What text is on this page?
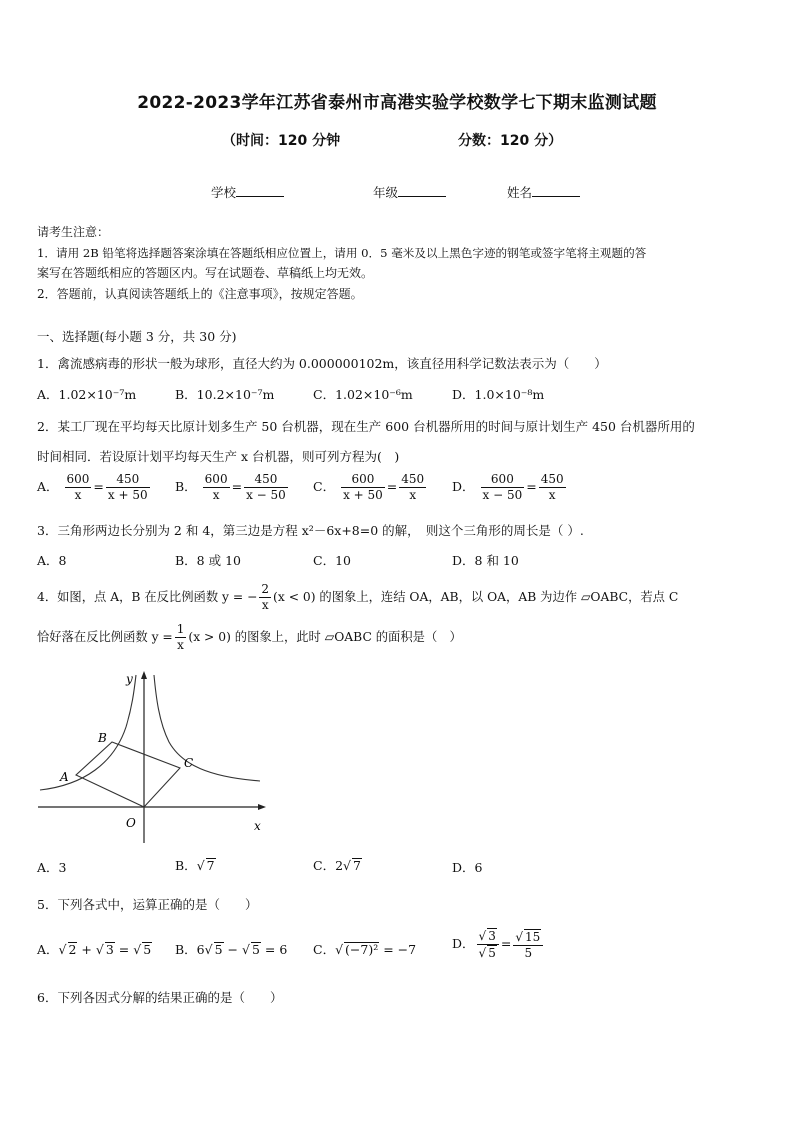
2022-2023学年江苏省泰州市高港实验学校数学七下期末监测试题
（时间：120 分钟	分数：120 分）
学校	年级	姓名
请考生注意：
1．请用 2B 铅笔将选择题答案涂填在答题纸相应位置上，请用 0．5 毫米及以上黑色字迹的钢笔或签字笔将主观题的答
案写在答题纸相应的答题区内。写在试题卷、草稿纸上均无效。
2．答题前，认真阅读答题纸上的《注意事项》，按规定答题。
一、选择题(每小题 3 分，共 30 分)
1．禽流感病毒的形状一般为球形，直径大约为 0.000000102m，该直径用科学记数法表示为（　　）
A．1.02×10⁻⁷m	B．10.2×10⁻⁷m	C．1.02×10⁻⁶m	D．1.0×10⁻⁸m
2．某工厂现在平均每天比原计划多生产 50 台机器，现在生产 600 台机器所用的时间与原计划生产 450 台机器所用的
时间相同．若设原计划平均每天生产 x 台机器，则可列方程为(　)
A． $\frac{600}{x} = \frac{450}{x + 50}$ B． $\frac{600}{x} = \frac{450}{x - 50}$ C． $\frac{600}{x + 50} = \frac{450}{x}$ D． $\frac{600}{x - 50} = \frac{450}{x}$
3．三角形两边长分别为 2 和 4，第三边是方程 x²－6x+8=0 的解，　则这个三角形的周长是（ ）.
A．8	B．8 或 10	C．10	D．8 和 10
4．如图，点 A，B 在反比例函数 y = − $\frac{2}{x} (x < 0)$ 的图象上，连结 OA，AB，以 OA，AB 为边作 ▱OABC，若点 C
恰好落在反比例函数 $y = \frac{1}{x} (x > 0)$ 的图象上，此时 ▱OABC 的面积是（　）
y
x
O
A
B
C
A．3	B．√ 7	C．2√ 7	D．6
5．下列各式中，运算正确的是（　　）
A．√ 2 + √ 3 = √ 5 B．6√ 5 − √ 5 = 6 C．√ (−7)² = −7	D． $\frac{√ 3}{√ 5} = \frac{√ 15}{5}$
6．下列各因式分解的结果正确的是（　　）
